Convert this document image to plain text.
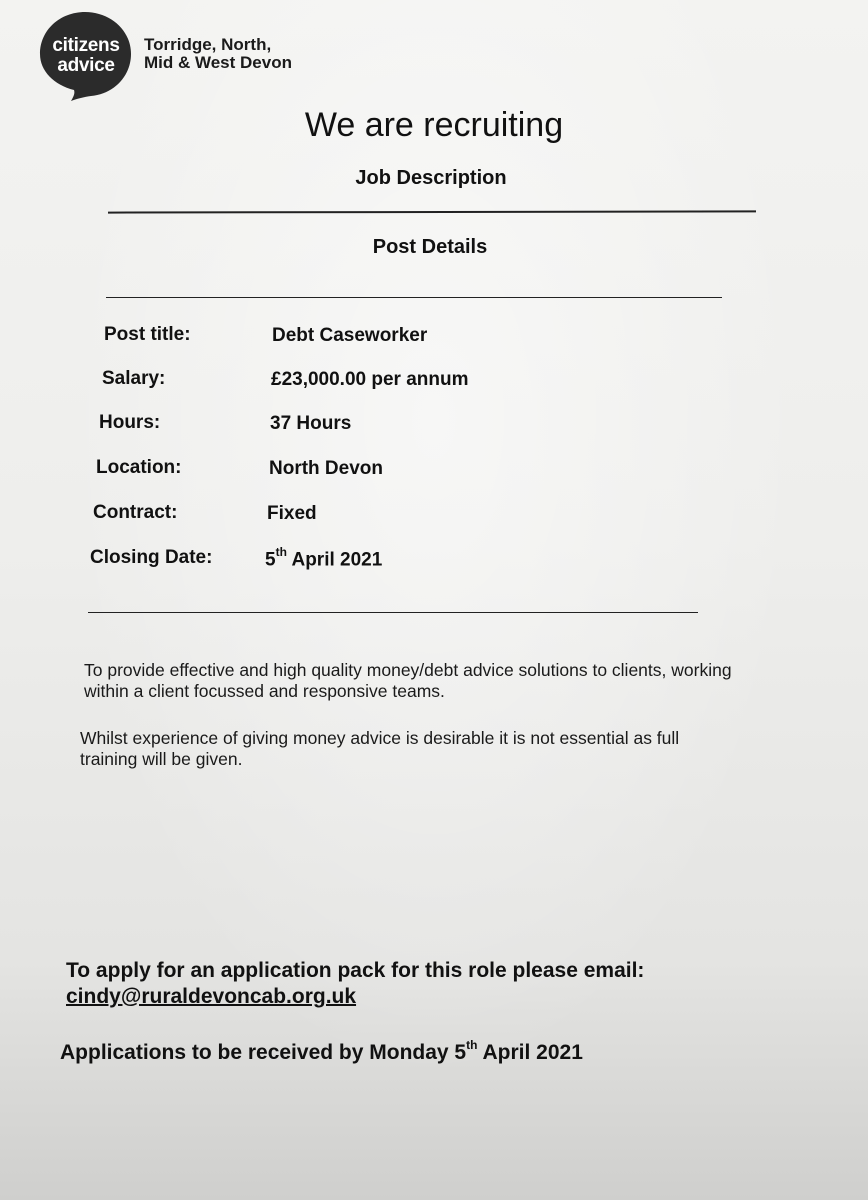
citizens
advice
Torridge, North,
Mid & West Devon
We are recruiting
Job Description
Post Details
Post title:	Debt Caseworker
Salary:	£23,000.00 per annum
Hours:	37 Hours
Location:	North Devon
Contract:	Fixed
Closing Date:	5th April 2021
To provide effective and high quality money/debt advice solutions to clients, working
within a client focussed and responsive teams.
Whilst experience of giving money advice is desirable it is not essential as full
training will be given.
To apply for an application pack for this role please email:
cindy@ruraldevoncab.org.uk
Applications to be received by Monday 5th April 2021
